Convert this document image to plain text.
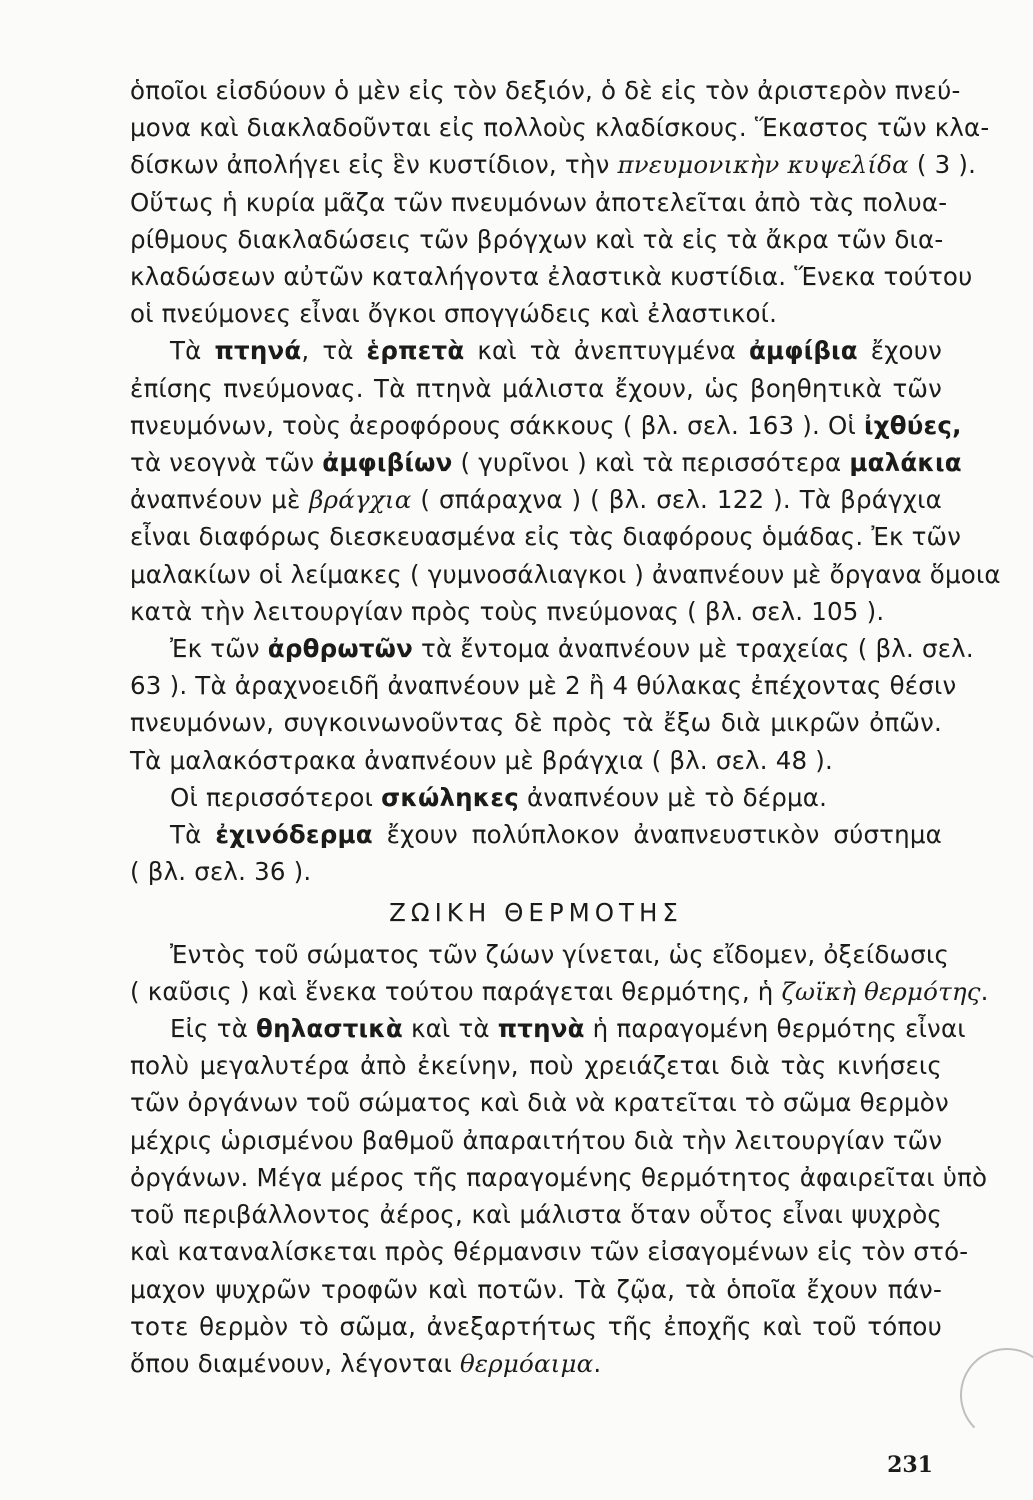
ὁποῖοι εἰσδύουν ὁ μὲν εἰς τὸν δεξιόν, ὁ δὲ εἰς τὸν ἀριστερὸν πνεύ-
μονα καὶ διακλαδοῦνται εἰς πολλοὺς κλαδίσκους. Ἕκαστος τῶν κλα-
δίσκων ἀπολήγει εἰς ἓν κυστίδιον, τὴν πνευμονικὴν κυψελίδα ( 3 ).
Οὕτως ἡ κυρία μᾶζα τῶν πνευμόνων ἀποτελεῖται ἀπὸ τὰς πολυα-
ρίθμους διακλαδώσεις τῶν βρόγχων καὶ τὰ εἰς τὰ ἄκρα τῶν δια-
κλαδώσεων αὐτῶν καταλήγοντα ἐλαστικὰ κυστίδια. Ἕνεκα τούτου
οἱ πνεύμονες εἶναι ὄγκοι σπογγώδεις καὶ ἐλαστικοί.

Τὰ πτηνά, τὰ ἑρπετὰ καὶ τὰ ἀνεπτυγμένα ἀμφίβια ἔχουν
ἐπίσης πνεύμονας. Τὰ πτηνὰ μάλιστα ἔχουν, ὡς βοηθητικὰ τῶν
πνευμόνων, τοὺς ἀεροφόρους σάκκους ( βλ. σελ. 163 ). Οἱ ἰχθύες,
τὰ νεογνὰ τῶν ἀμφιβίων ( γυρῖνοι ) καὶ τὰ περισσότερα μαλάκια
ἀναπνέουν μὲ βράγχια ( σπάραχνα ) ( βλ. σελ. 122 ). Τὰ βράγχια
εἶναι διαφόρως διεσκευασμένα εἰς τὰς διαφόρους ὁμάδας. Ἐκ τῶν
μαλακίων οἱ λείμακες ( γυμνοσάλιαγκοι ) ἀναπνέουν μὲ ὄργανα ὅμοια
κατὰ τὴν λειτουργίαν πρὸς τοὺς πνεύμονας ( βλ. σελ. 105 ).

Ἐκ τῶν ἀρθρωτῶν τὰ ἔντομα ἀναπνέουν μὲ τραχείας ( βλ. σελ.
63 ). Τὰ ἀραχνοειδῆ ἀναπνέουν μὲ 2 ἢ 4 θύλακας ἐπέχοντας θέσιν
πνευμόνων, συγκοινωνοῦντας δὲ πρὸς τὰ ἔξω διὰ μικρῶν ὀπῶν.
Τὰ μαλακόστρακα ἀναπνέουν μὲ βράγχια ( βλ. σελ. 48 ).

Οἱ περισσότεροι σκώληκες ἀναπνέουν μὲ τὸ δέρμα.

Τὰ ἐχινόδερμα ἔχουν πολύπλοκον ἀναπνευστικὸν σύστημα
( βλ. σελ. 36 ).

ΖΩΙΚΗ ΘΕΡΜΟΤΗΣ

Ἐντὸς τοῦ σώματος τῶν ζώων γίνεται, ὡς εἴδομεν, ὀξείδωσις
( καῦσις ) καὶ ἕνεκα τούτου παράγεται θερμότης, ἡ ζωϊκὴ θερμότης.

Εἰς τὰ θηλαστικὰ καὶ τὰ πτηνὰ ἡ παραγομένη θερμότης εἶναι
πολὺ μεγαλυτέρα ἀπὸ ἐκείνην, ποὺ χρειάζεται διὰ τὰς κινήσεις
τῶν ὀργάνων τοῦ σώματος καὶ διὰ νὰ κρατεῖται τὸ σῶμα θερμὸν
μέχρις ὡρισμένου βαθμοῦ ἀπαραιτήτου διὰ τὴν λειτουργίαν τῶν
ὀργάνων. Μέγα μέρος τῆς παραγομένης θερμότητος ἀφαιρεῖται ὑπὸ
τοῦ περιβάλλοντος ἀέρος, καὶ μάλιστα ὅταν οὗτος εἶναι ψυχρὸς
καὶ καταναλίσκεται πρὸς θέρμανσιν τῶν εἰσαγομένων εἰς τὸν στό-
μαχον ψυχρῶν τροφῶν καὶ ποτῶν. Τὰ ζῷα, τὰ ὁποῖα ἔχουν πάν-
τοτε θερμὸν τὸ σῶμα, ἀνεξαρτήτως τῆς ἐποχῆς καὶ τοῦ τόπου
ὅπου διαμένουν, λέγονται θερμόαιμα.

231
